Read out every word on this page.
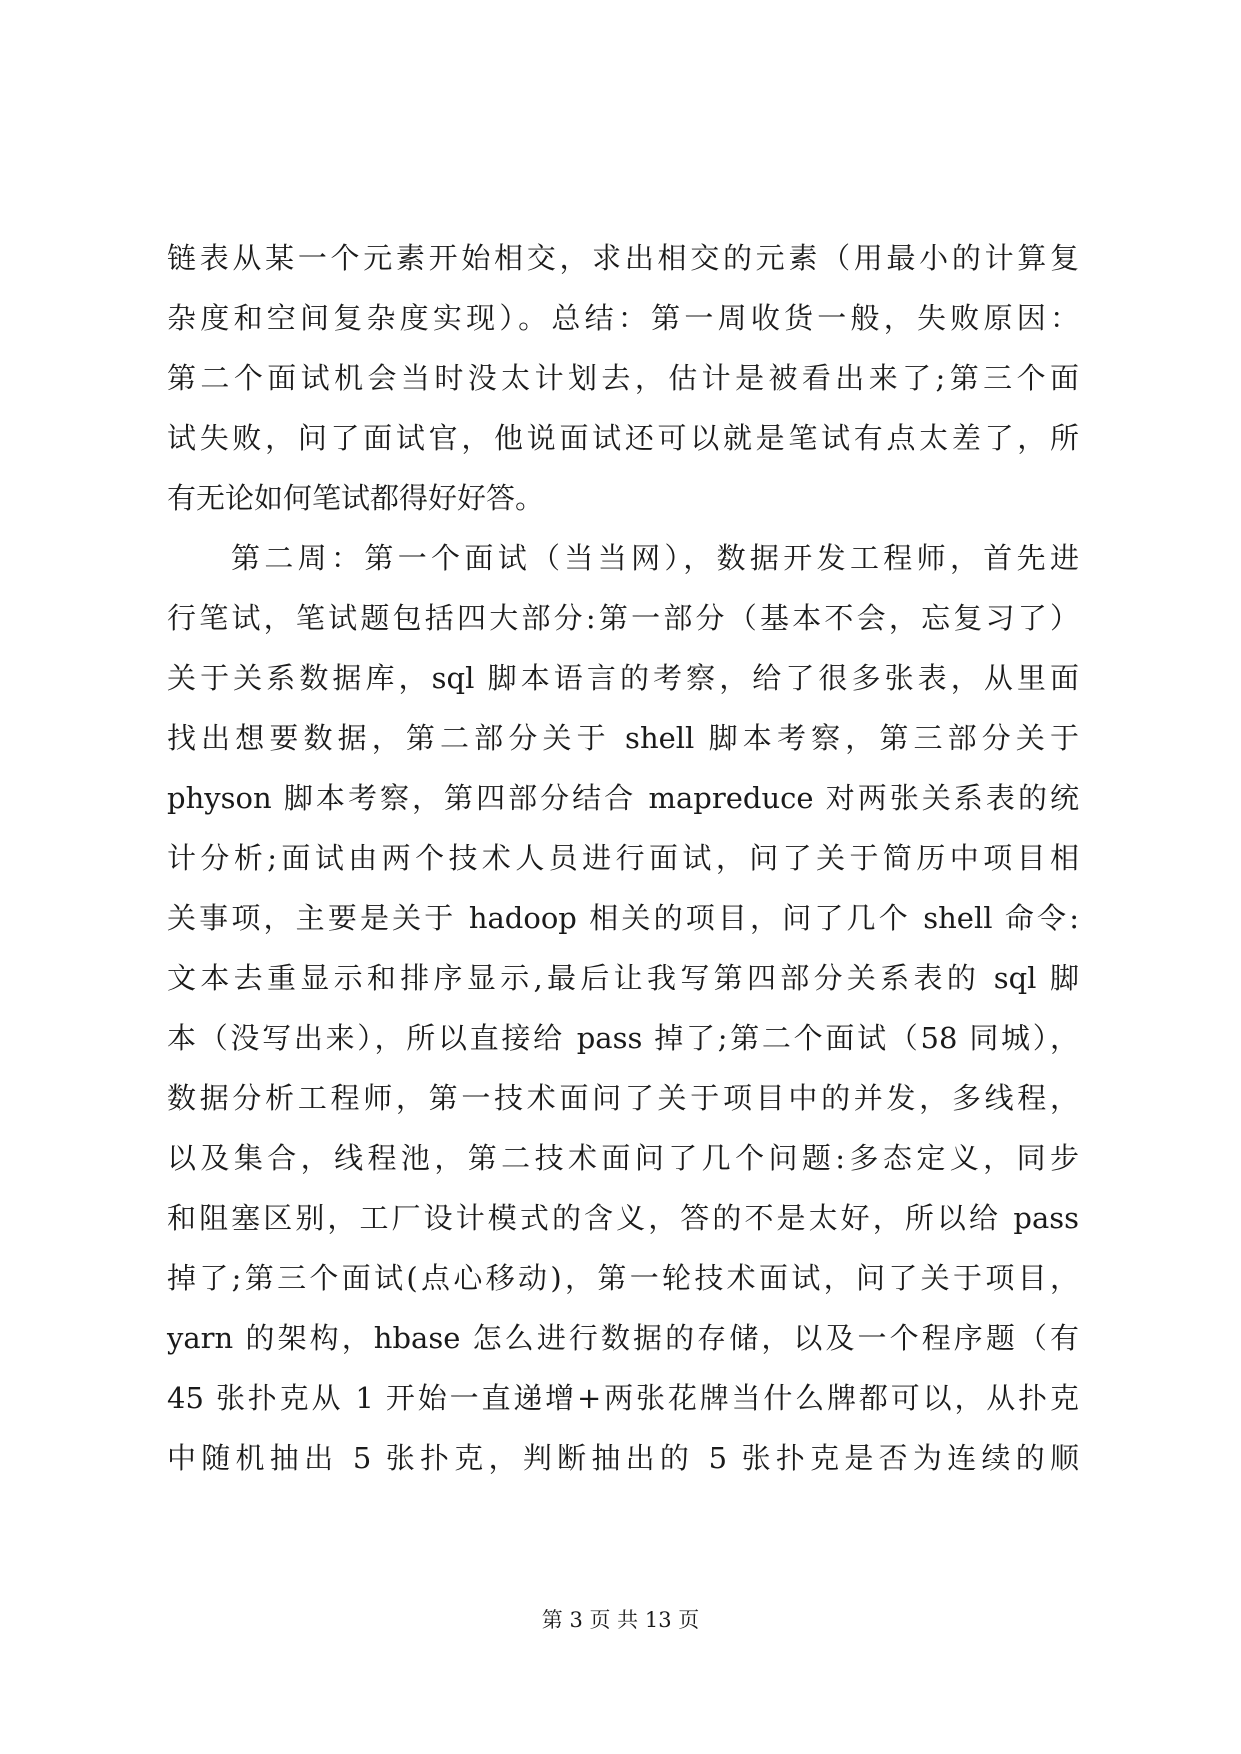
链表从某一个元素开始相交，求出相交的元素（用最小的计算复
杂度和空间复杂度实现）。总结：第一周收货一般，失败原因：
第二个面试机会当时没太计划去，估计是被看出来了;第三个面
试失败，问了面试官，他说面试还可以就是笔试有点太差了，所
有无论如何笔试都得好好答。
第二周：第一个面试（当当网），数据开发工程师，首先进
行笔试，笔试题包括四大部分:第一部分（基本不会，忘复习了）
关于关系数据库，sql 脚本语言的考察，给了很多张表，从里面
找出想要数据，第二部分关于 shell 脚本考察，第三部分关于
physon 脚本考察，第四部分结合 mapreduce 对两张关系表的统
计分析;面试由两个技术人员进行面试，问了关于简历中项目相
关事项，主要是关于 hadoop 相关的项目，问了几个 shell 命令:
文本去重显示和排序显示,最后让我写第四部分关系表的 sql 脚
本（没写出来），所以直接给 pass 掉了;第二个面试（58 同城），
数据分析工程师，第一技术面问了关于项目中的并发，多线程，
以及集合，线程池，第二技术面问了几个问题:多态定义，同步
和阻塞区别，工厂设计模式的含义，答的不是太好，所以给 pass
掉了;第三个面试(点心移动)，第一轮技术面试，问了关于项目，
yarn 的架构，hbase 怎么进行数据的存储，以及一个程序题（有
45 张扑克从 1 开始一直递增+两张花牌当什么牌都可以，从扑克
中随机抽出 5 张扑克，判断抽出的 5 张扑克是否为连续的顺
第 3 页 共 13 页
